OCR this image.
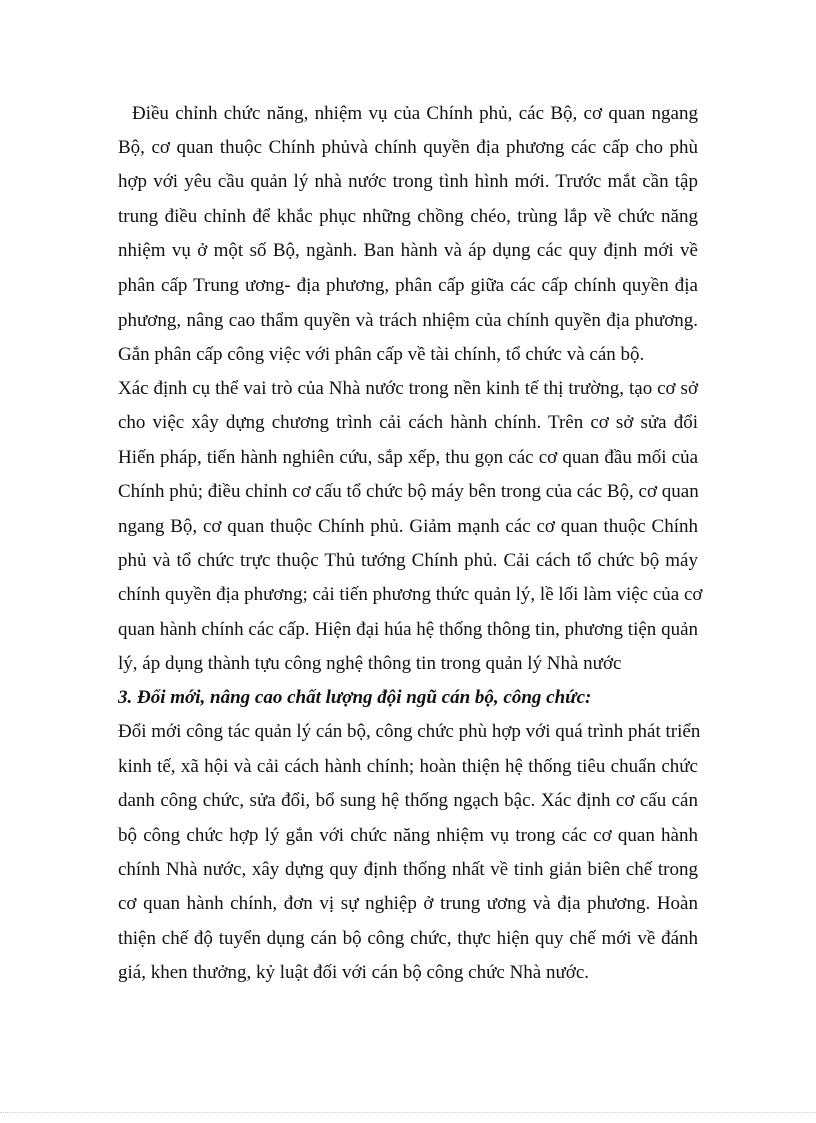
Điều chỉnh chức năng, nhiệm vụ của Chính phủ, các Bộ, cơ quan ngang
Bộ, cơ quan thuộc Chính phủvà chính quyền địa phương các cấp cho phù
hợp với yêu cầu quản lý nhà nước trong tình hình mới. Trước mắt cần tập
trung điều chỉnh để khắc phục những chồng chéo, trùng lắp về chức năng
nhiệm vụ ở một số Bộ, ngành. Ban hành và áp dụng các quy định mới về
phân cấp Trung ương- địa phương, phân cấp giữa các cấp chính quyền địa
phương, nâng cao thẩm quyền và trách nhiệm của chính quyền địa phương.
Gắn phân cấp công việc với phân cấp về tài chính, tổ chức và cán bộ.
Xác định cụ thể vai trò của Nhà nước trong nền kinh tế thị trường, tạo cơ sở
cho việc xây dựng chương trình cải cách hành chính. Trên cơ sở sửa đổi
Hiến pháp, tiến hành nghiên cứu, sắp xếp, thu gọn các cơ quan đầu mối của
Chính phủ; điều chỉnh cơ cấu tổ chức bộ máy bên trong của các Bộ, cơ quan
ngang Bộ, cơ quan thuộc Chính phủ. Giảm mạnh các cơ quan thuộc Chính
phủ và tổ chức trực thuộc Thủ tướng Chính phủ. Cải cách tổ chức bộ máy
chính quyền địa phương; cải tiến phương thức quản lý, lề lối làm việc của cơ
quan hành chính các cấp. Hiện đại húa hệ thống thông tin, phương tiện quản
lý, áp dụng thành tựu công nghệ thông tin trong quản lý Nhà nước
3. Đổi mới, nâng cao chất lượng đội ngũ cán bộ, công chức:
Đổi mới công tác quản lý cán bộ, công chức phù hợp với quá trình phát triển
kinh tế, xã hội và cải cách hành chính; hoàn thiện hệ thống tiêu chuẩn chức
danh công chức, sửa đổi, bổ sung hệ thống ngạch bậc. Xác định cơ cấu cán
bộ công chức hợp lý gắn với chức năng nhiệm vụ trong các cơ quan hành
chính Nhà nước, xây dựng quy định thống nhất về tinh giản biên chế trong
cơ quan hành chính, đơn vị sự nghiệp ở trung ương và địa phương. Hoàn
thiện chế độ tuyển dụng cán bộ công chức, thực hiện quy chế mới về đánh
giá, khen thưởng, kỷ luật đối với cán bộ công chức Nhà nước.
